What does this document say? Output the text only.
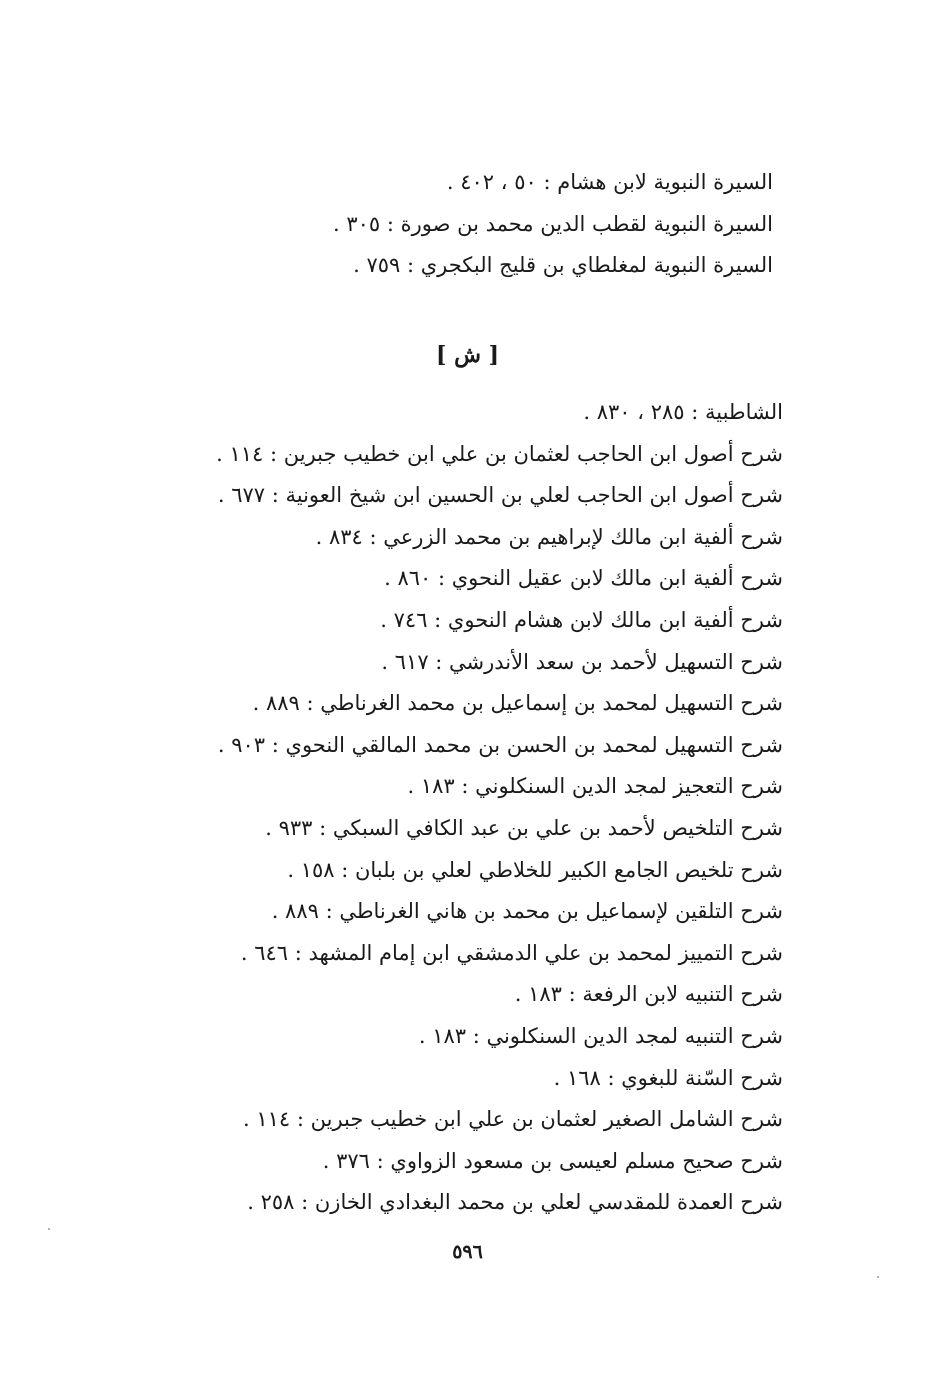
السيرة النبوية لابن هشام : ٥٠ ، ٤٠٢ .
السيرة النبوية لقطب الدين محمد بن صورة : ٣٠٥ .
السيرة النبوية لمغلطاي بن قليج البكجري : ٧٥٩ .
[ ش ]
الشاطبية : ٢٨٥ ، ٨٣٠ .
شرح أصول ابن الحاجب لعثمان بن علي ابن خطيب جبرين : ١١٤ .
شرح أصول ابن الحاجب لعلي بن الحسين ابن شيخ العونية : ٦٧٧ .
شرح ألفية ابن مالك لإبراهيم بن محمد الزرعي : ٨٣٤ .
شرح ألفية ابن مالك لابن عقيل النحوي : ٨٦٠ .
شرح ألفية ابن مالك لابن هشام النحوي : ٧٤٦ .
شرح التسهيل لأحمد بن سعد الأندرشي : ٦١٧ .
شرح التسهيل لمحمد بن إسماعيل بن محمد الغرناطي : ٨٨٩ .
شرح التسهيل لمحمد بن الحسن بن محمد المالقي النحوي : ٩٠٣ .
شرح التعجيز لمجد الدين السنكلوني : ١٨٣ .
شرح التلخيص لأحمد بن علي بن عبد الكافي السبكي : ٩٣٣ .
شرح تلخيص الجامع الكبير للخلاطي لعلي بن بلبان : ١٥٨ .
شرح التلقين لإسماعيل بن محمد بن هاني الغرناطي : ٨٨٩ .
شرح التمييز لمحمد بن علي الدمشقي ابن إمام المشهد : ٦٤٦ .
شرح التنبيه لابن الرفعة : ١٨٣ .
شرح التنبيه لمجد الدين السنكلوني : ١٨٣ .
شرح السّنة للبغوي : ١٦٨ .
شرح الشامل الصغير لعثمان بن علي ابن خطيب جبرين : ١١٤ .
شرح صحيح مسلم لعيسى بن مسعود الزواوي : ٣٧٦ .
شرح العمدة للمقدسي لعلي بن محمد البغدادي الخازن : ٢٥٨ .
٥٩٦
